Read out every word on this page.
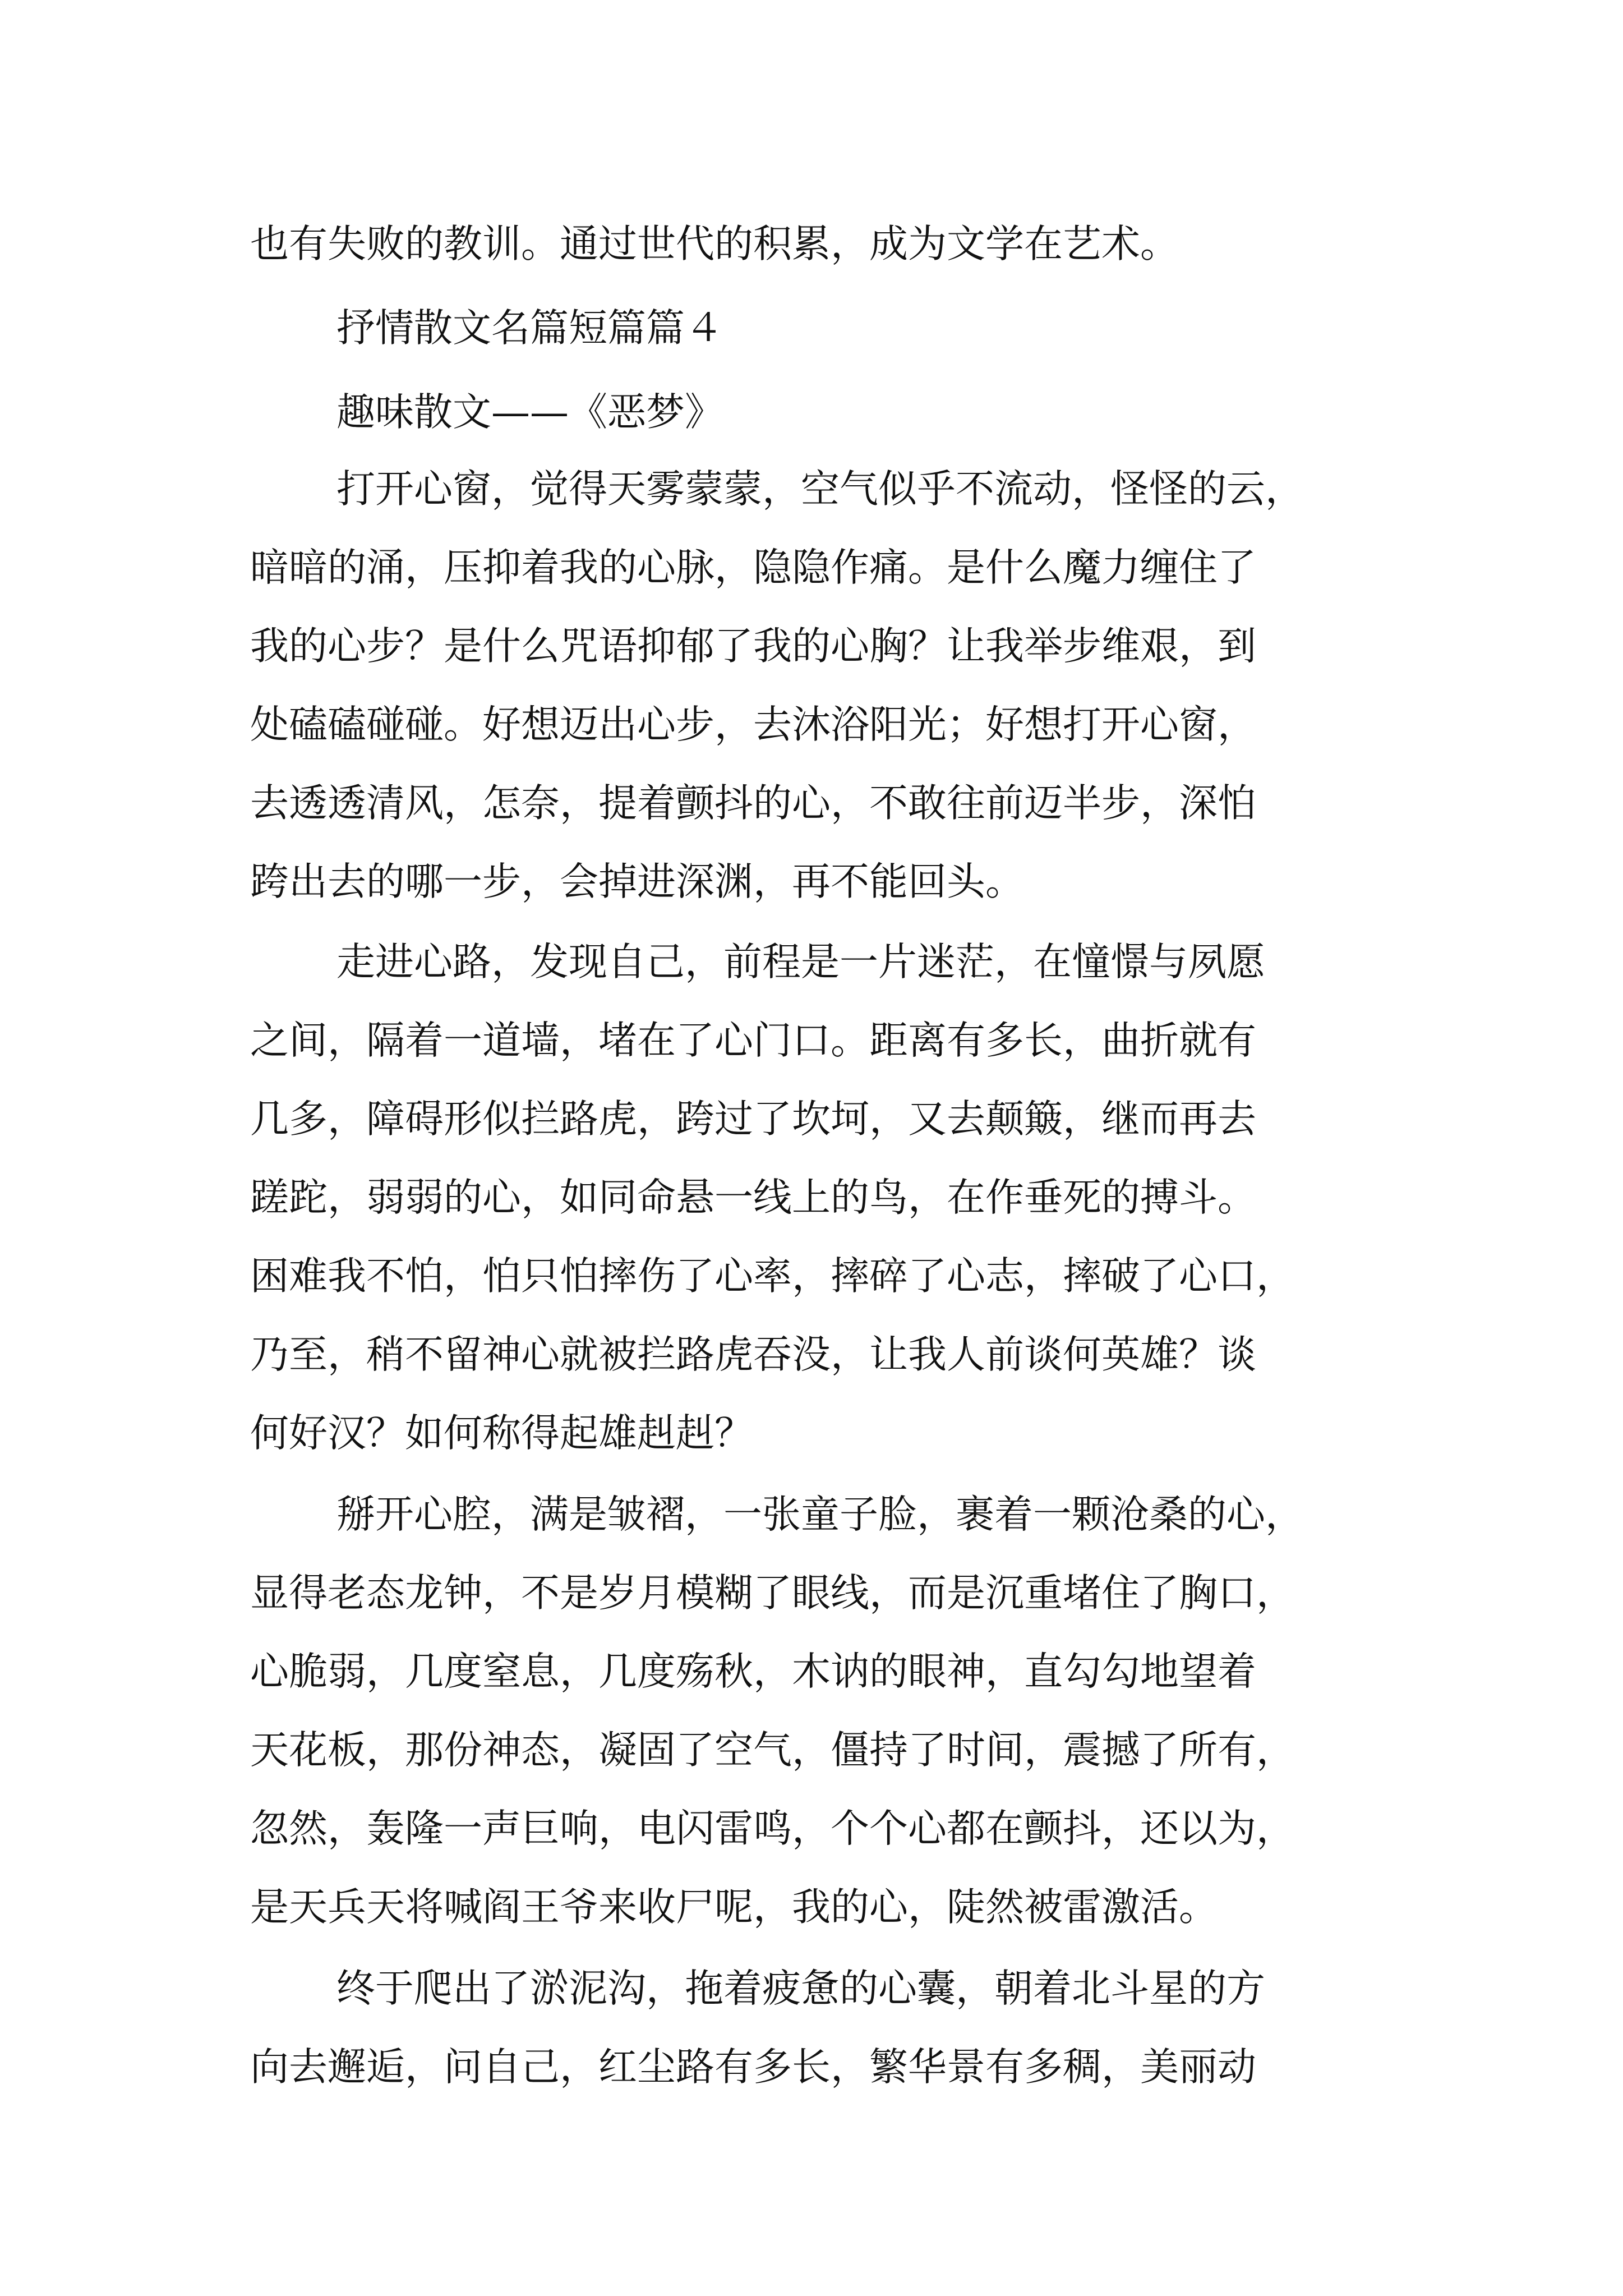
也有失败的教训。通过世代的积累，成为文学在艺术。

抒情散文名篇短篇篇４

趣味散文——《恶梦》

打开心窗，觉得天雾蒙蒙，空气似乎不流动，怪怪的云，

暗暗的涌，压抑着我的心脉，隐隐作痛。是什么魔力缠住了

我的心步？是什么咒语抑郁了我的心胸？让我举步维艰，到

处磕磕碰碰。好想迈出心步，去沐浴阳光；好想打开心窗，

去透透清风，怎奈，提着颤抖的心，不敢往前迈半步，深怕

跨出去的哪一步，会掉进深渊，再不能回头。

走进心路，发现自己，前程是一片迷茫，在憧憬与夙愿

之间，隔着一道墙，堵在了心门口。距离有多长，曲折就有

几多，障碍形似拦路虎，跨过了坎坷，又去颠簸，继而再去

蹉跎，弱弱的心，如同命悬一线上的鸟，在作垂死的搏斗。

困难我不怕，怕只怕摔伤了心率，摔碎了心志，摔破了心口，

乃至，稍不留神心就被拦路虎吞没，让我人前谈何英雄？谈

何好汉？如何称得起雄赳赳？

掰开心腔，满是皱褶，一张童子脸，裹着一颗沧桑的心，

显得老态龙钟，不是岁月模糊了眼线，而是沉重堵住了胸口，

心脆弱，几度窒息，几度殇秋，木讷的眼神，直勾勾地望着

天花板，那份神态，凝固了空气，僵持了时间，震撼了所有，

忽然，轰隆一声巨响，电闪雷鸣，个个心都在颤抖，还以为，

是天兵天将喊阎王爷来收尸呢，我的心，陡然被雷激活。

终于爬出了淤泥沟，拖着疲惫的心囊，朝着北斗星的方

向去邂逅，问自己，红尘路有多长，繁华景有多稠，美丽动
